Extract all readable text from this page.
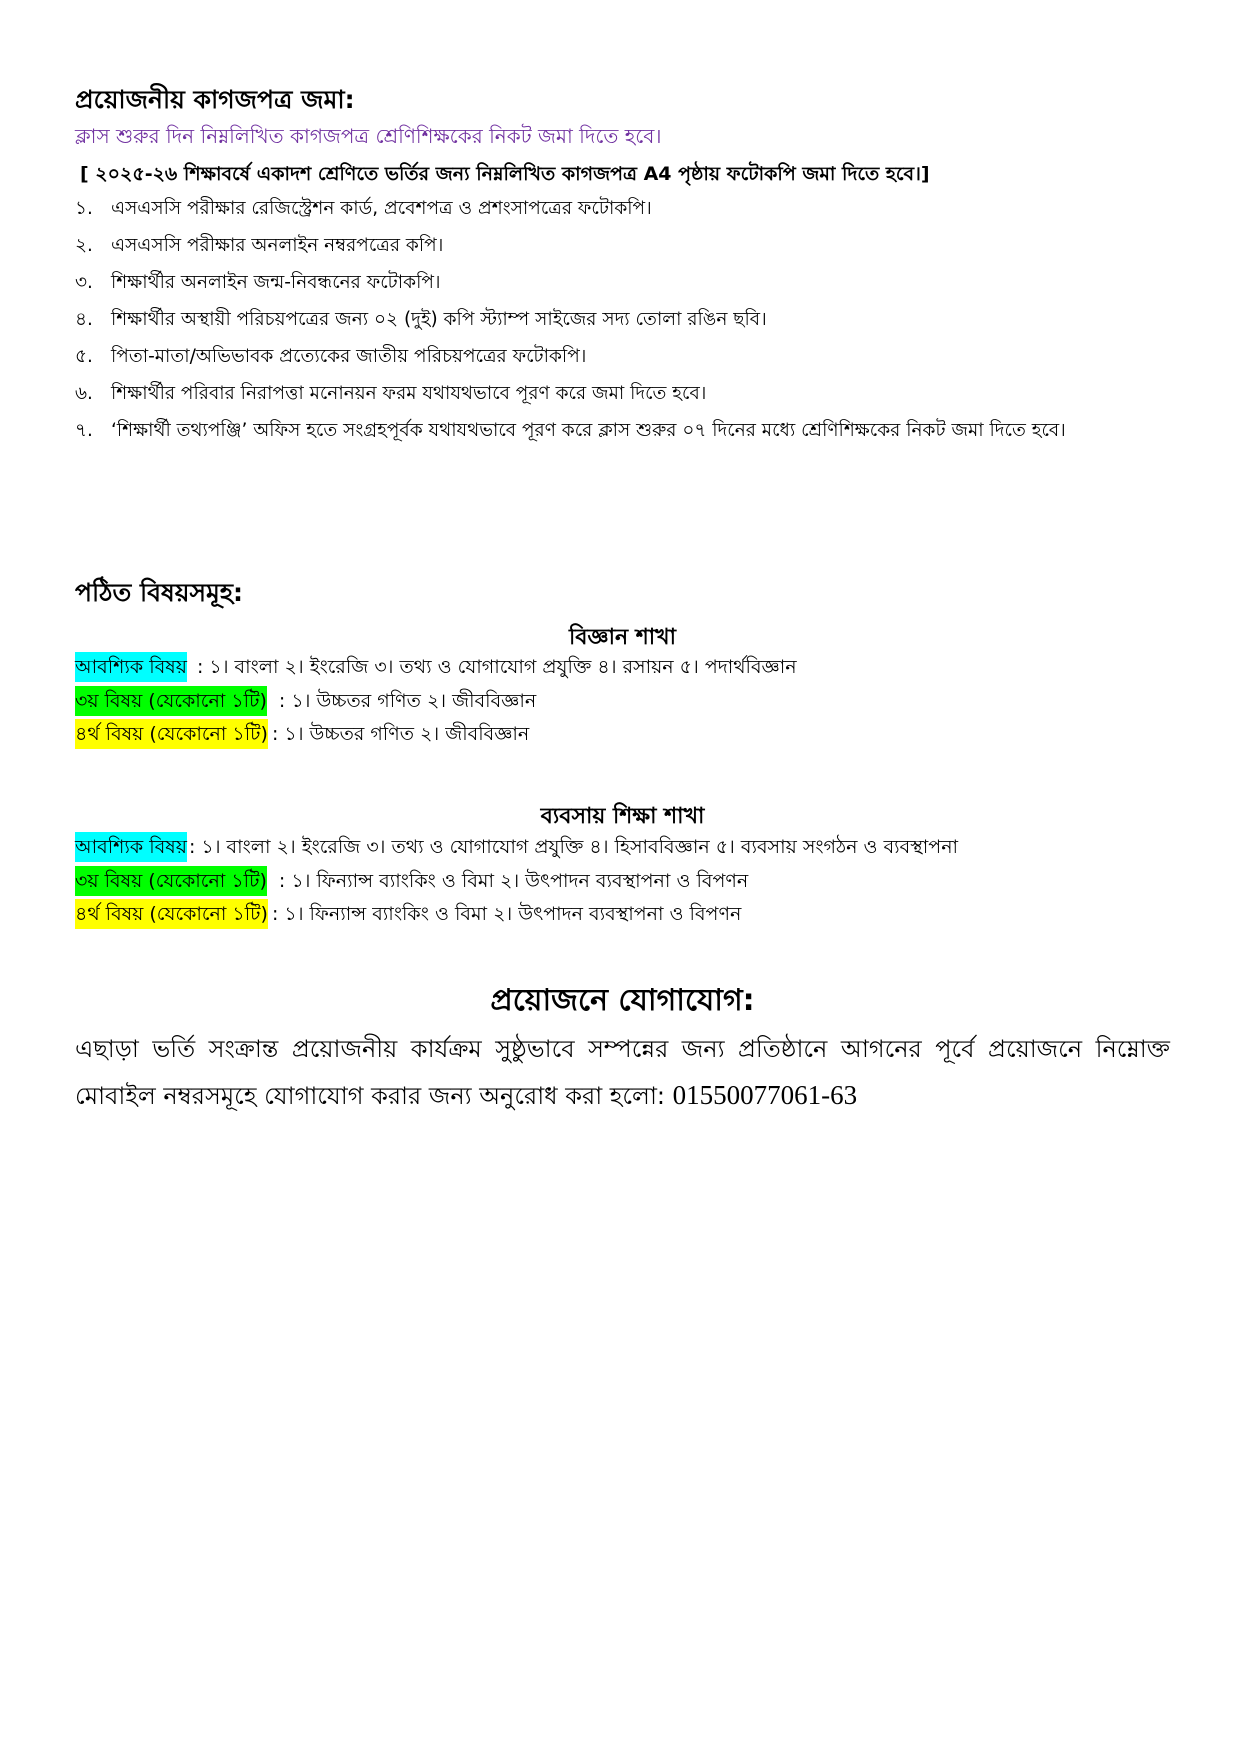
প্রয়োজনীয় কাগজপত্র জমা:
ক্লাস শুরুর দিন নিম্নলিখিত কাগজপত্র শ্রেণিশিক্ষকের নিকট জমা দিতে হবে।
[ ২০২৫-২৬ শিক্ষাবর্ষে একাদশ শ্রেণিতে ভর্তির জন্য নিম্নলিখিত কাগজপত্র A4 পৃষ্ঠায় ফটোকপি জমা দিতে হবে।]
১. এসএসসি পরীক্ষার রেজিস্ট্রেশন কার্ড, প্রবেশপত্র ও প্রশংসাপত্রের ফটোকপি।
২. এসএসসি পরীক্ষার অনলাইন নম্বরপত্রের কপি।
৩. শিক্ষার্থীর অনলাইন জন্ম-নিবন্ধনের ফটোকপি।
৪. শিক্ষার্থীর অস্থায়ী পরিচয়পত্রের জন্য ০২ (দুই) কপি স্ট্যাম্প সাইজের সদ্য তোলা রঙিন ছবি।
৫. পিতা-মাতা/অভিভাবক প্রত্যেকের জাতীয় পরিচয়পত্রের ফটোকপি।
৬. শিক্ষার্থীর পরিবার নিরাপত্তা মনোনয়ন ফরম যথাযথভাবে পূরণ করে জমা দিতে হবে।
৭. ‘শিক্ষার্থী তথ্যপঞ্জি’ অফিস হতে সংগ্রহপূর্বক যথাযথভাবে পূরণ করে ক্লাস শুরুর ০৭ দিনের মধ্যে শ্রেণিশিক্ষকের নিকট জমা দিতে হবে।
পঠিত বিষয়সমূহ:
বিজ্ঞান শাখা
আবশ্যিক বিষয় : ১। বাংলা ২। ইংরেজি ৩। তথ্য ও যোগাযোগ প্রযুক্তি ৪। রসায়ন ৫। পদার্থবিজ্ঞান
৩য় বিষয় (যেকোনো ১টি) : ১। উচ্চতর গণিত ২। জীববিজ্ঞান
৪র্থ বিষয় (যেকোনো ১টি) : ১। উচ্চতর গণিত ২। জীববিজ্ঞান
ব্যবসায় শিক্ষা শাখা
আবশ্যিক বিষয় : ১। বাংলা ২। ইংরেজি ৩। তথ্য ও যোগাযোগ প্রযুক্তি ৪। হিসাববিজ্ঞান ৫। ব্যবসায় সংগঠন ও ব্যবস্থাপনা
৩য় বিষয় (যেকোনো ১টি) : ১। ফিন্যান্স ব্যাংকিং ও বিমা ২। উৎপাদন ব্যবস্থাপনা ও বিপণন
৪র্থ বিষয় (যেকোনো ১টি) : ১। ফিন্যান্স ব্যাংকিং ও বিমা ২। উৎপাদন ব্যবস্থাপনা ও বিপণন
প্রয়োজনে যোগাযোগ:
এছাড়া ভর্তি সংক্রান্ত প্রয়োজনীয় কার্যক্রম সুষ্ঠুভাবে সম্পন্নের জন্য প্রতিষ্ঠানে আগনের পূর্বে প্রয়োজনে নিম্নোক্ত মোবাইল নম্বরসমূহে যোগাযোগ করার জন্য অনুরোধ করা হলো: 01550077061-63
